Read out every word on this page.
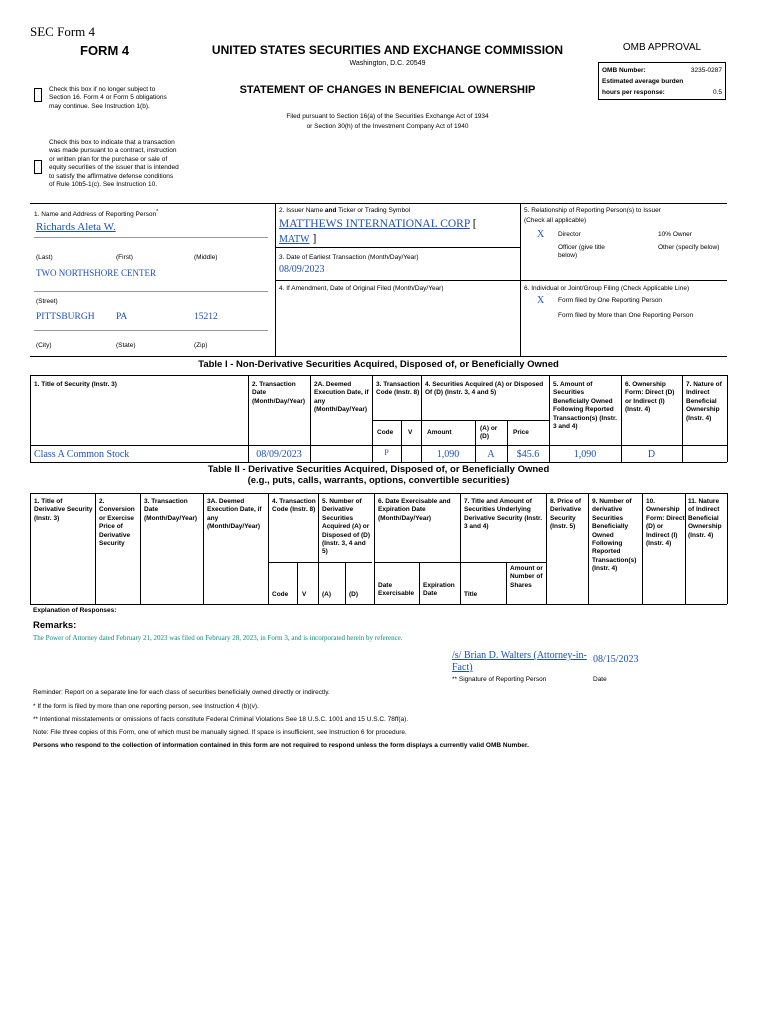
SEC Form 4
FORM 4	UNITED STATES SECURITIES AND EXCHANGE COMMISSION
Washington, D.C. 20549
OMB APPROVAL
OMB Number:	3235-0287
Estimated average burden
hours per response:	0.5
Check this box if no longer subject to Section 16. Form 4 or Form 5 obligations may continue. See Instruction 1(b).
STATEMENT OF CHANGES IN BENEFICIAL OWNERSHIP
Filed pursuant to Section 16(a) of the Securities Exchange Act of 1934
or Section 30(h) of the Investment Company Act of 1940
Check this box to indicate that a transaction was made pursuant to a contract, instruction or written plan for the purchase or sale of equity securities of the issuer that is intended to satisfy the affirmative defense conditions of Rule 10b5-1(c). See Instruction 10.
1. Name and Address of Reporting Person*
Richards Aleta W.
(Last)	(First)	(Middle)
TWO NORTHSHORE CENTER
(Street)
PITTSBURGH PA	15212
(City)	(State)	(Zip)
2. Issuer Name and Ticker or Trading Symbol
MATTHEWS INTERNATIONAL CORP [
MATW ]
3. Date of Earliest Transaction (Month/Day/Year)
08/09/2023
4. If Amendment, Date of Original Filed (Month/Day/Year)
5. Relationship of Reporting Person(s) to Issuer
(Check all applicable)
X Director	10% Owner
Officer (give title below)
Other (specify below)
6. Individual or Joint/Group Filing (Check Applicable Line)
X Form filed by One Reporting Person
Form filed by More than One Reporting Person
Table I - Non-Derivative Securities Acquired, Disposed of, or Beneficially Owned
1. Title of Security (Instr. 3)	2. Transaction Date (Month/Day/Year)
2A. Deemed Execution Date, if any (Month/Day/Year)
3. Transaction Code (Instr. 8)
4. Securities Acquired (A) or Disposed Of (D) (Instr. 3, 4 and 5)
5. Amount of Securities Beneficially Owned Following Reported Transaction(s) (Instr. 3 and 4)
6. Ownership Form: Direct (D) or Indirect (I) (Instr. 4)
7. Nature of Indirect Beneficial Ownership (Instr. 4)
Code V Amount
(A) or (D)
Price
Class A Common Stock	08/09/2023	P	1,090	A	$45.6	1,090	D
Table II - Derivative Securities Acquired, Disposed of, or Beneficially Owned
(e.g., puts, calls, warrants, options, convertible securities)
1. Title of Derivative Security (Instr. 3)
2. Conversion or Exercise Price of Derivative Security
3. Transaction Date (Month/Day/Year)
3A. Deemed Execution Date, if any (Month/Day/Year)
4. Transaction Code (Instr. 8)
5. Number of Derivative Securities Acquired (A) or Disposed of (D) (Instr. 3, 4 and 5)
6. Date Exercisable and Expiration Date (Month/Day/Year)
7. Title and Amount of Securities Underlying Derivative Security (Instr. 3 and 4)
8. Price of Derivative Security (Instr. 5)
9. Number of derivative Securities Beneficially Owned Following Reported Transaction(s) (Instr. 4)
10. Ownership Form: Direct (D) or Indirect (I) (Instr. 4)
11. Nature of Indirect Beneficial Ownership (Instr. 4)
Code V (A)	(D)
Date Exercisable
Expiration Date	Title
Amount or Number of Shares
Explanation of Responses:
Remarks:
The Power of Attorney dated February 21, 2023 was filed on February 28, 2023, in Form 3, and is incorporated herein by reference.
/s/ Brian D. Walters (Attorney-in-Fact)
08/15/2023
** Signature of Reporting Person	Date
Reminder: Report on a separate line for each class of securities beneficially owned directly or indirectly.
* If the form is filed by more than one reporting person, see Instruction 4 (b)(v).
** Intentional misstatements or omissions of facts constitute Federal Criminal Violations See 18 U.S.C. 1001 and 15 U.S.C. 78ff(a).
Note: File three copies of this Form, one of which must be manually signed. If space is insufficient, see Instruction 6 for procedure.
Persons who respond to the collection of information contained in this form are not required to respond unless the form displays a currently valid OMB Number.
